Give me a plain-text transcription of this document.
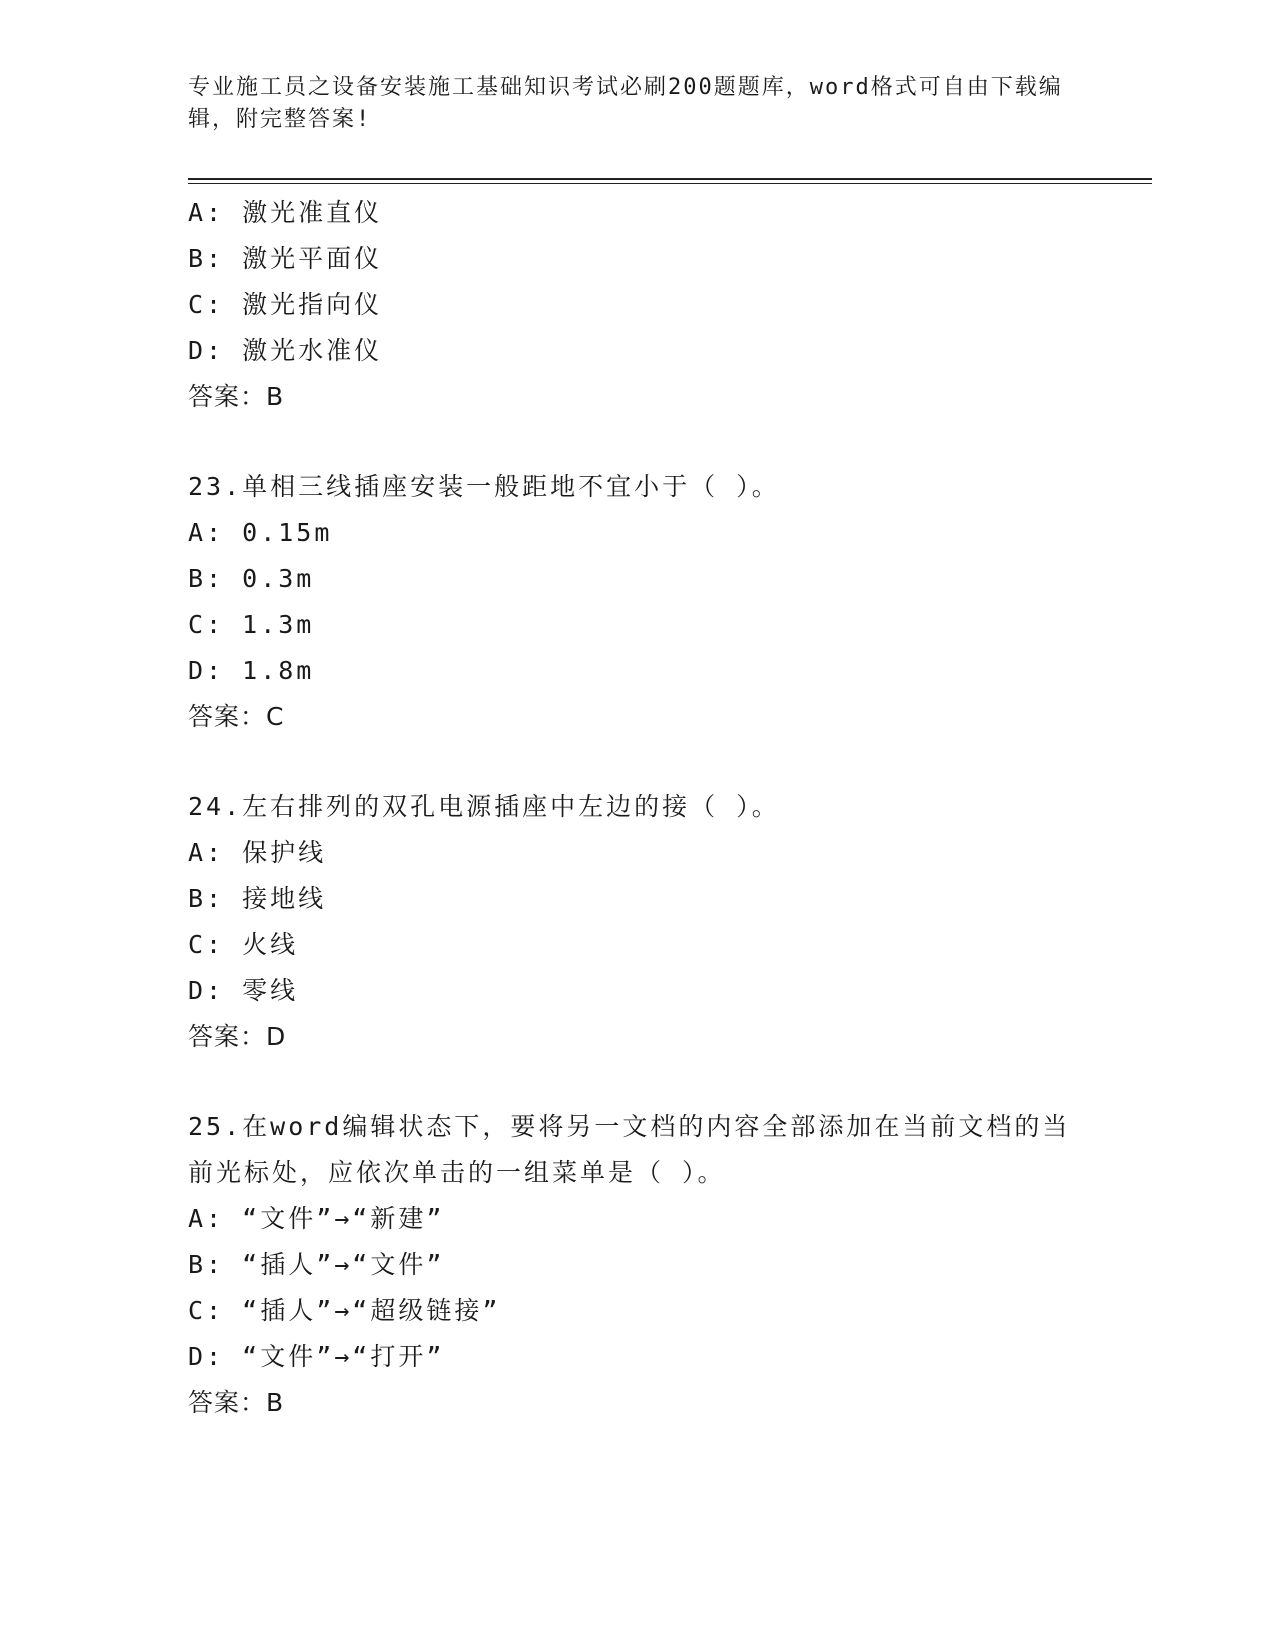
专业施工员之设备安装施工基础知识考试必刷200题题库，word格式可自由下载编辑，附完整答案!
A: 激光准直仪
B: 激光平面仪
C: 激光指向仪
D: 激光水准仪
答案：B
23.单相三线插座安装一般距地不宜小于（ ）。
A: 0.15m
B: 0.3m
C: 1.3m
D: 1.8m
答案：C
24.左右排列的双孔电源插座中左边的接（ ）。
A: 保护线
B: 接地线
C: 火线
D: 零线
答案：D
25.在word编辑状态下，要将另一文档的内容全部添加在当前文档的当前光标处，应依次单击的一组菜单是（ ）。
A: “文件”→“新建”
B: “插人”→“文件”
C: “插人”→“超级链接”
D: “文件”→“打开”
答案：B
